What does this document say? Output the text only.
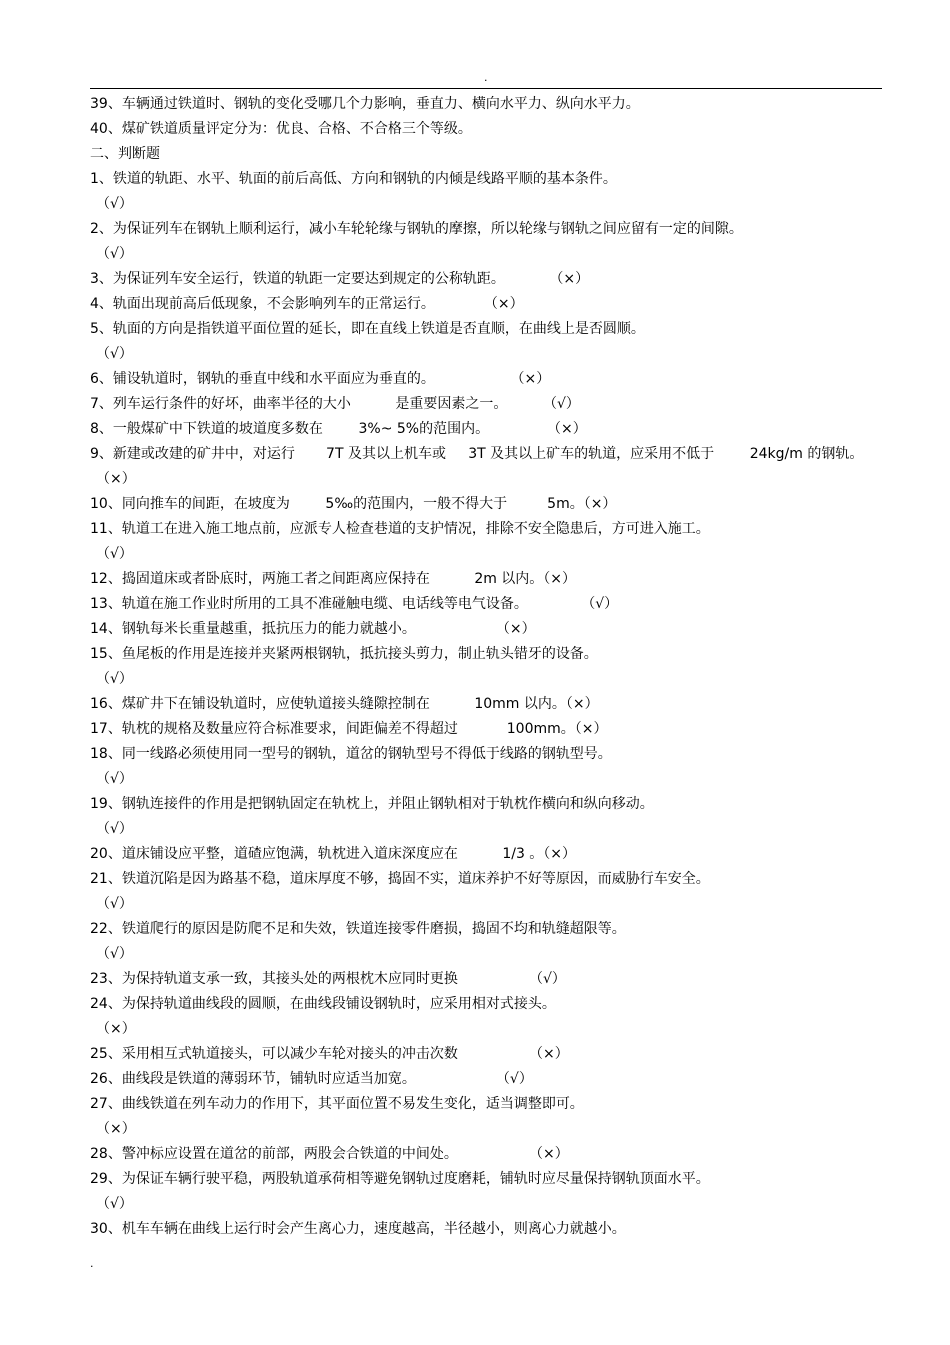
.
39、车辆通过铁道时、钢轨的变化受哪几个力影响，垂直力、横向水平力、纵向水平力。
40、煤矿铁道质量评定分为：优良、合格、不合格三个等级。
二、判断题
1、铁道的轨距、水平、轨面的前后高低、方向和钢轨的内倾是线路平顺的基本条件。
（√）
2、为保证列车在钢轨上顺利运行，减小车轮轮缘与钢轨的摩擦，所以轮缘与钢轨之间应留有一定的间隙。
（√）
3、为保证列车安全运行，铁道的轨距一定要达到规定的公称轨距。          （×）
4、轨面出现前高后低现象，不会影响列车的正常运行。           （×）
5、轨面的方向是指铁道平面位置的延长，即在直线上铁道是否直顺，在曲线上是否圆顺。
（√）
6、铺设轨道时，钢轨的垂直中线和水平面应为垂直的。                 （×）
7、列车运行条件的好坏，曲率半径的大小          是重要因素之一。        （√）
8、一般煤矿中下铁道的坡道度多数在        3%~ 5%的范围内。             （×）
9、新建或改建的矿井中，对运行       7T 及其以上机车或     3T 及其以上矿车的轨道，应采用不低于        24kg/m 的钢轨。
（×）
10、同向推车的间距，在坡度为        5‰的范围内，一般不得大于         5m。（×）
11、轨道工在进入施工地点前，应派专人检查巷道的支护情况，排除不安全隐患后，方可进入施工。
（√）
12、捣固道床或者卧底时，两施工者之间距离应保持在          2m 以内。（×）
13、轨道在施工作业时所用的工具不准碰触电缆、电话线等电气设备。            （√）
14、钢轨每米长重量越重，抵抗压力的能力就越小。                  （×）
15、鱼尾板的作用是连接并夹紧两根钢轨，抵抗接头剪力，制止轨头错牙的设备。
（√）
16、煤矿井下在铺设轨道时，应使轨道接头缝隙控制在          10mm 以内。（×）
17、轨枕的规格及数量应符合标准要求，间距偏差不得超过           100mm。（×）
18、同一线路必须使用同一型号的钢轨，道岔的钢轨型号不得低于线路的钢轨型号。
（√）
19、钢轨连接件的作用是把钢轨固定在轨枕上，并阻止钢轨相对于轨枕作横向和纵向移动。
（√）
20、道床铺设应平整，道碴应饱满，轨枕进入道床深度应在          1/3 。（×）
21、铁道沉陷是因为路基不稳，道床厚度不够，捣固不实，道床养护不好等原因，而威胁行车安全。
（√）
22、铁道爬行的原因是防爬不足和失效，铁道连接零件磨损，捣固不均和轨缝超限等。
（√）
23、为保持轨道支承一致，其接头处的两根枕木应同时更换                （√）
24、为保持轨道曲线段的圆顺，在曲线段铺设钢轨时，应采用相对式接头。
（×）
25、采用相互式轨道接头，可以减少车轮对接头的冲击次数                （×）
26、曲线段是铁道的薄弱环节，铺轨时应适当加宽。                  （√）
27、曲线铁道在列车动力的作用下，其平面位置不易发生变化，适当调整即可。
（×）
28、警冲标应设置在道岔的前部，两股会合铁道的中间处。                （×）
29、为保证车辆行驶平稳，两股轨道承荷相等避免钢轨过度磨耗，铺轨时应尽量保持钢轨顶面水平。
（√）
30、机车车辆在曲线上运行时会产生离心力，速度越高，半径越小，则离心力就越小。
.
